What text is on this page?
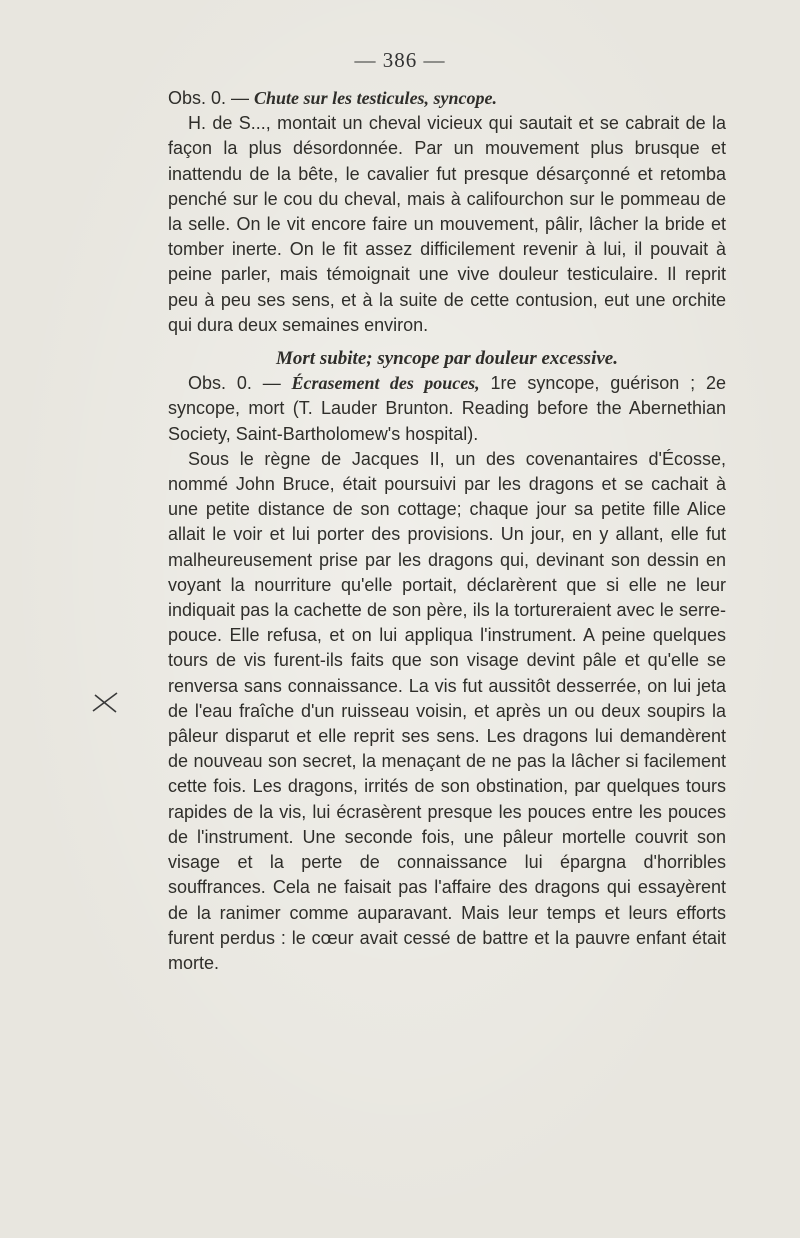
— 386 —

Obs. 0. — Chute sur les testicules, syncope.

H. de S..., montait un cheval vicieux qui sautait et se cabrait de la façon la plus désordonnée. Par un mouvement plus brusque et inattendu de la bête, le cavalier fut presque désarçonné et retomba penché sur le cou du cheval, mais à califourchon sur le pommeau de la selle. On le vit encore faire un mouvement, pâlir, lâcher la bride et tomber inerte. On le fit assez difficilement revenir à lui, il pouvait à peine parler, mais témoignait une vive douleur testiculaire. Il reprit peu à peu ses sens, et à la suite de cette contusion, eut une orchite qui dura deux semaines environ.

Mort subite; syncope par douleur excessive.

Obs. 0. — Écrasement des pouces, 1re syncope, guérison ; 2e syncope, mort (T. Lauder Brunton. Reading before the Abernethian Society, Saint-Bartholomew's hospital).

Sous le règne de Jacques II, un des covenantaires d'Écosse, nommé John Bruce, était poursuivi par les dragons et se cachait à une petite distance de son cottage; chaque jour sa petite fille Alice allait le voir et lui porter des provisions. Un jour, en y allant, elle fut malheureusement prise par les dragons qui, devinant son dessin en voyant la nourriture qu'elle portait, déclarèrent que si elle ne leur indiquait pas la cachette de son père, ils la tortureraient avec le serre-pouce. Elle refusa, et on lui appliqua l'instrument. A peine quelques tours de vis furent-ils faits que son visage devint pâle et qu'elle se renversa sans connaissance. La vis fut aussitôt desserrée, on lui jeta de l'eau fraîche d'un ruisseau voisin, et après un ou deux soupirs la pâleur disparut et elle reprit ses sens. Les dragons lui demandèrent de nouveau son secret, la menaçant de ne pas la lâcher si facilement cette fois. Les dragons, irrités de son obstination, par quelques tours rapides de la vis, lui écrasèrent presque les pouces entre les pouces de l'instrument. Une seconde fois, une pâleur mortelle couvrit son visage et la perte de connaissance lui épargna d'horribles souffrances. Cela ne faisait pas l'affaire des dragons qui essayèrent de la ranimer comme auparavant. Mais leur temps et leurs efforts furent perdus : le cœur avait cessé de battre et la pauvre enfant était morte.
